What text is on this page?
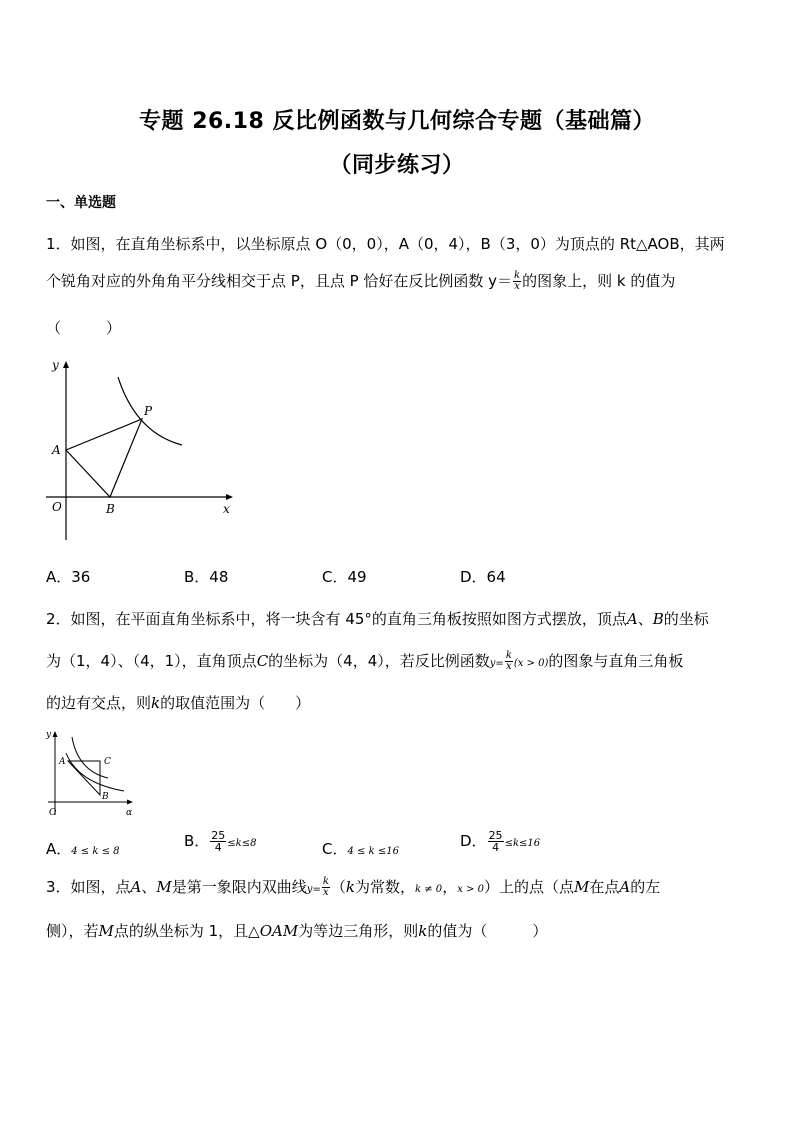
专题 26.18 反比例函数与几何综合专题（基础篇）
（同步练习）
一、单选题
1．如图，在直角坐标系中，以坐标原点 O（0，0），A（0，4），B（3，0）为顶点的 Rt△AOB，其两
个锐角对应的外角角平分线相交于点 P，且点 P 恰好在反比例函数 $y= \frac{k}{x}$ 的图象上，则 k 的值为
（　　　）
y
x
O
A
B
P
A．36	B．48	C．49	D．64
2．如图，在平面直角坐标系中，将一块含有 45°的直角三角板按照如图方式摆放，顶点A、B的坐标
为（1，4）、（4，1），直角顶点C的坐标为（4，4），若反比例函数$y= \frac{k}{x} (x > 0)$的图象与直角三角板
的边有交点，则k的取值范围为（　　）
y
α
O
A	C
B
A．4 ≤ k ≤ 8
B． $\frac{25}{4} \le k\le 8$	C．4 ≤ k ≤16
D． $\frac{25}{4} \le k\le 16$
3．如图，点A、M是第一象限内双曲线$y= \frac{k}{x} (k$为常数，k ≠ 0，x > 0）上的点（点M在点A的左
侧），若M点的纵坐标为 1，且△OAM为等边三角形，则k的值为（　　　）
